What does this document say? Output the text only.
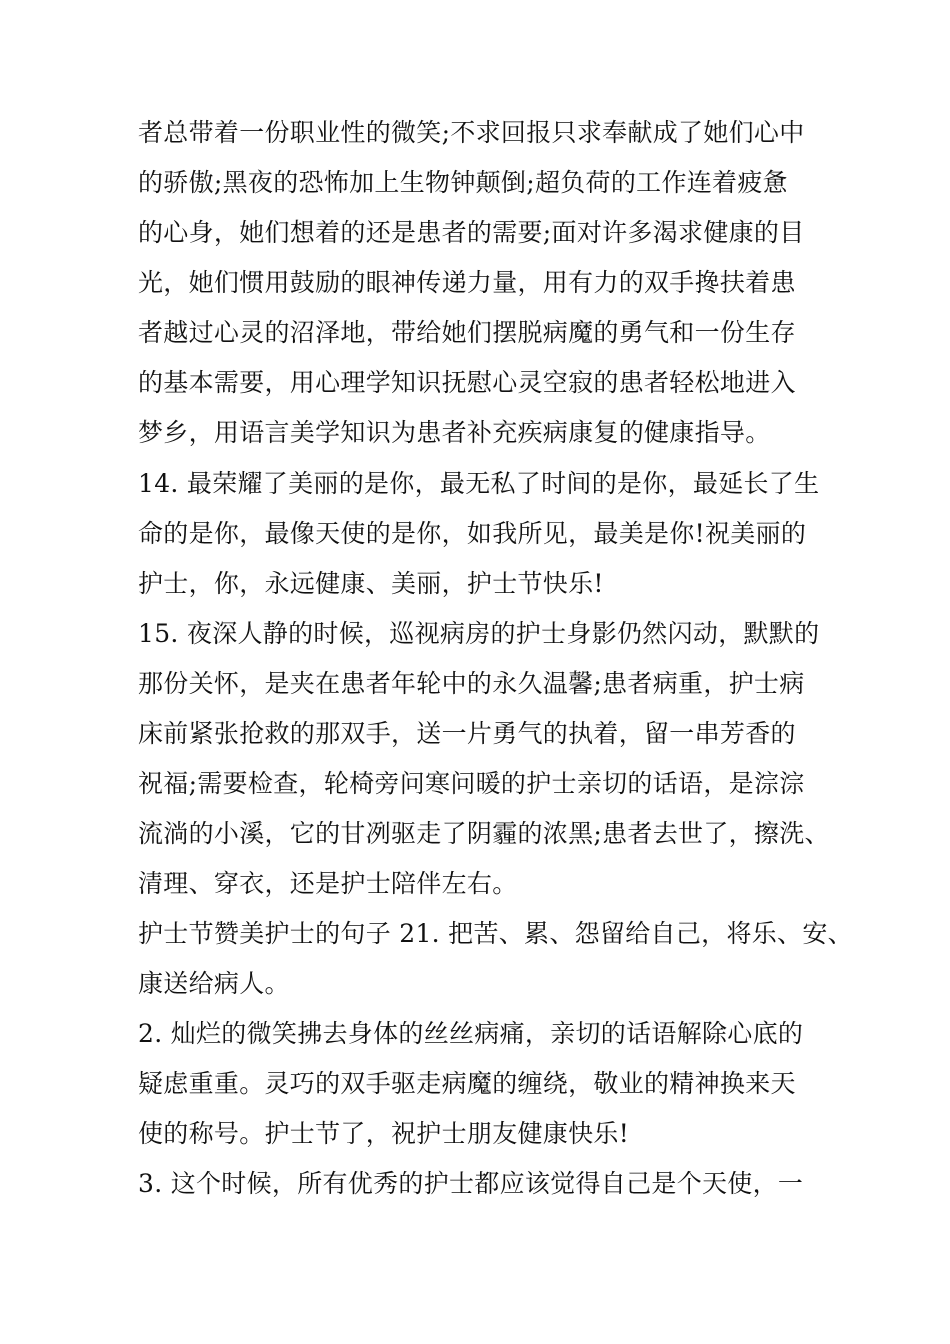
者总带着一份职业性的微笑;不求回报只求奉献成了她们心中
的骄傲;黑夜的恐怖加上生物钟颠倒;超负荷的工作连着疲惫
的心身，她们想着的还是患者的需要;面对许多渴求健康的目
光，她们惯用鼓励的眼神传递力量，用有力的双手搀扶着患
者越过心灵的沼泽地，带给她们摆脱病魔的勇气和一份生存
的基本需要，用心理学知识抚慰心灵空寂的患者轻松地进入
梦乡，用语言美学知识为患者补充疾病康复的健康指导。
14. 最荣耀了美丽的是你，最无私了时间的是你，最延长了生
命的是你，最像天使的是你，如我所见，最美是你!祝美丽的
护士，你，永远健康、美丽，护士节快乐!
15. 夜深人静的时候，巡视病房的护士身影仍然闪动，默默的
那份关怀，是夹在患者年轮中的永久温馨;患者病重，护士病
床前紧张抢救的那双手，送一片勇气的执着，留一串芳香的
祝福;需要检查，轮椅旁问寒问暖的护士亲切的话语，是淙淙
流淌的小溪，它的甘冽驱走了阴霾的浓黑;患者去世了，擦洗、
清理、穿衣，还是护士陪伴左右。
护士节赞美护士的句子 21. 把苦、累、怨留给自己，将乐、安、
康送给病人。
2. 灿烂的微笑拂去身体的丝丝病痛，亲切的话语解除心底的
疑虑重重。灵巧的双手驱走病魔的缠绕，敬业的精神换来天
使的称号。护士节了，祝护士朋友健康快乐!
3. 这个时候，所有优秀的护士都应该觉得自己是个天使，一
